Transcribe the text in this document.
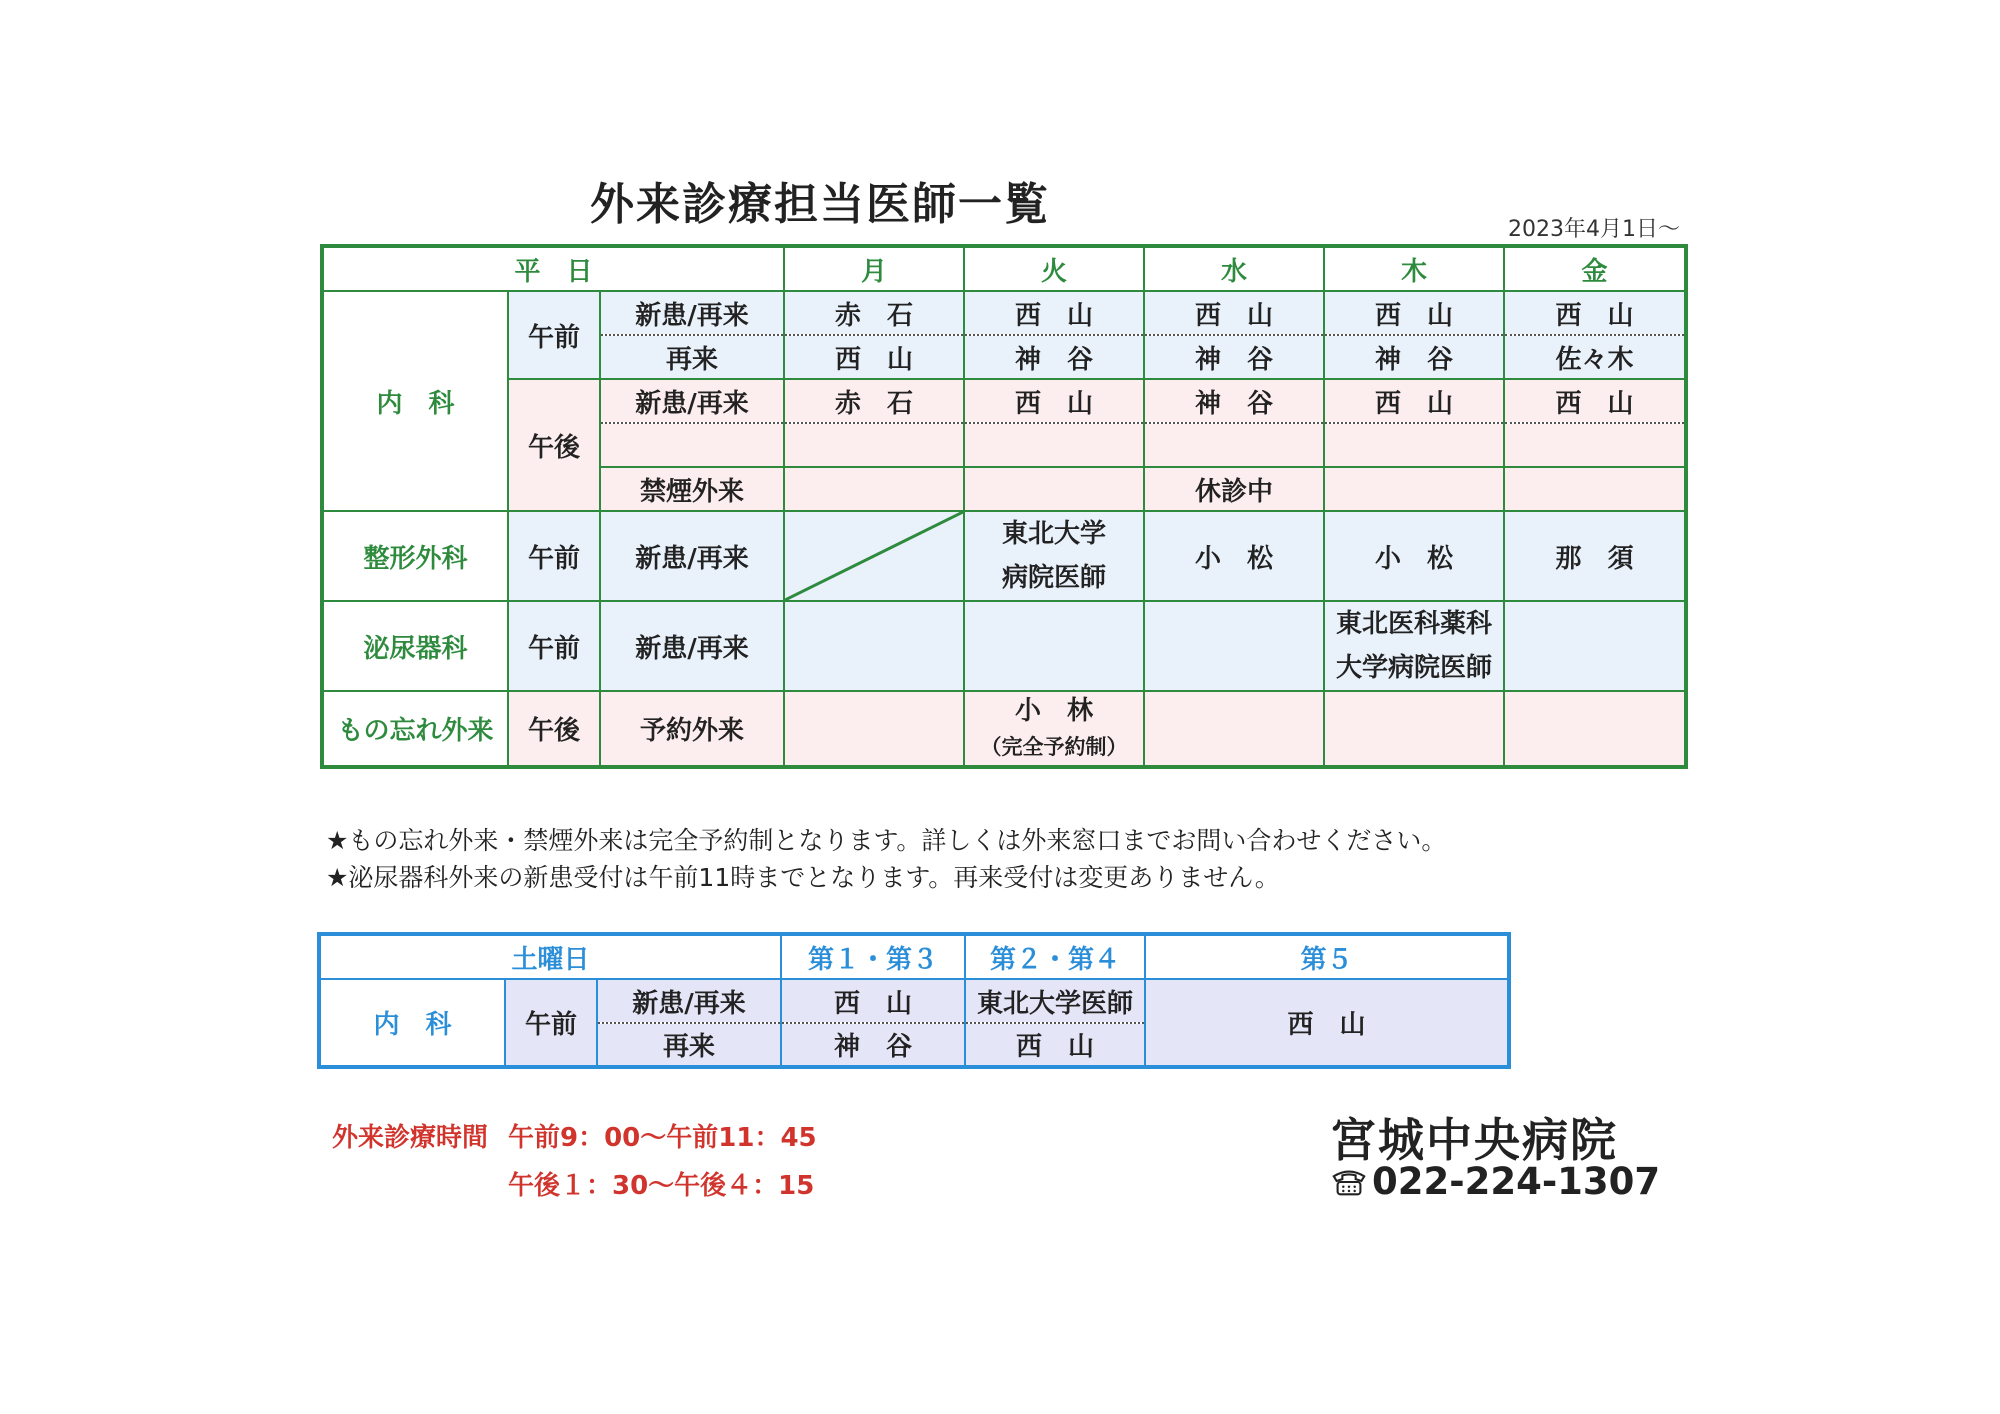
外来診療担当医師一覧	2023年4月1日～
平　日			月	火	水	木	金
内　科	午前	新患/再来	赤　石	西　山	西　山	西　山	西　山
		再来	西　山	神　谷	神　谷	神　谷	佐々木
	午後	新患/再来	赤　石	西　山	神　谷	西　山	西　山

		禁煙外来			休診中		
整形外科	午前	新患/再来		東北大学
病院医師	小　松	小　松	那　須
泌尿器科	午前	新患/再来				東北医科薬科
大学病院医師	

もの忘れ外来	午後	予約外来		小　林
（完全予約制）			

★もの忘れ外来・禁煙外来は完全予約制となります。詳しくは外来窓口までお問い合わせください。
★泌尿器科外来の新患受付は午前11時までとなります。再来受付は変更ありません。
土曜日			第１・第３	第２・第４	第５
内　科	午前	新患/再来	西　山	東北大学医師	西　山
		再来	神　谷	西　山	
外来診療時間 午前9：00～午前11：45
午後１：30～午後４：15
宮城中央病院
022-224-1307
